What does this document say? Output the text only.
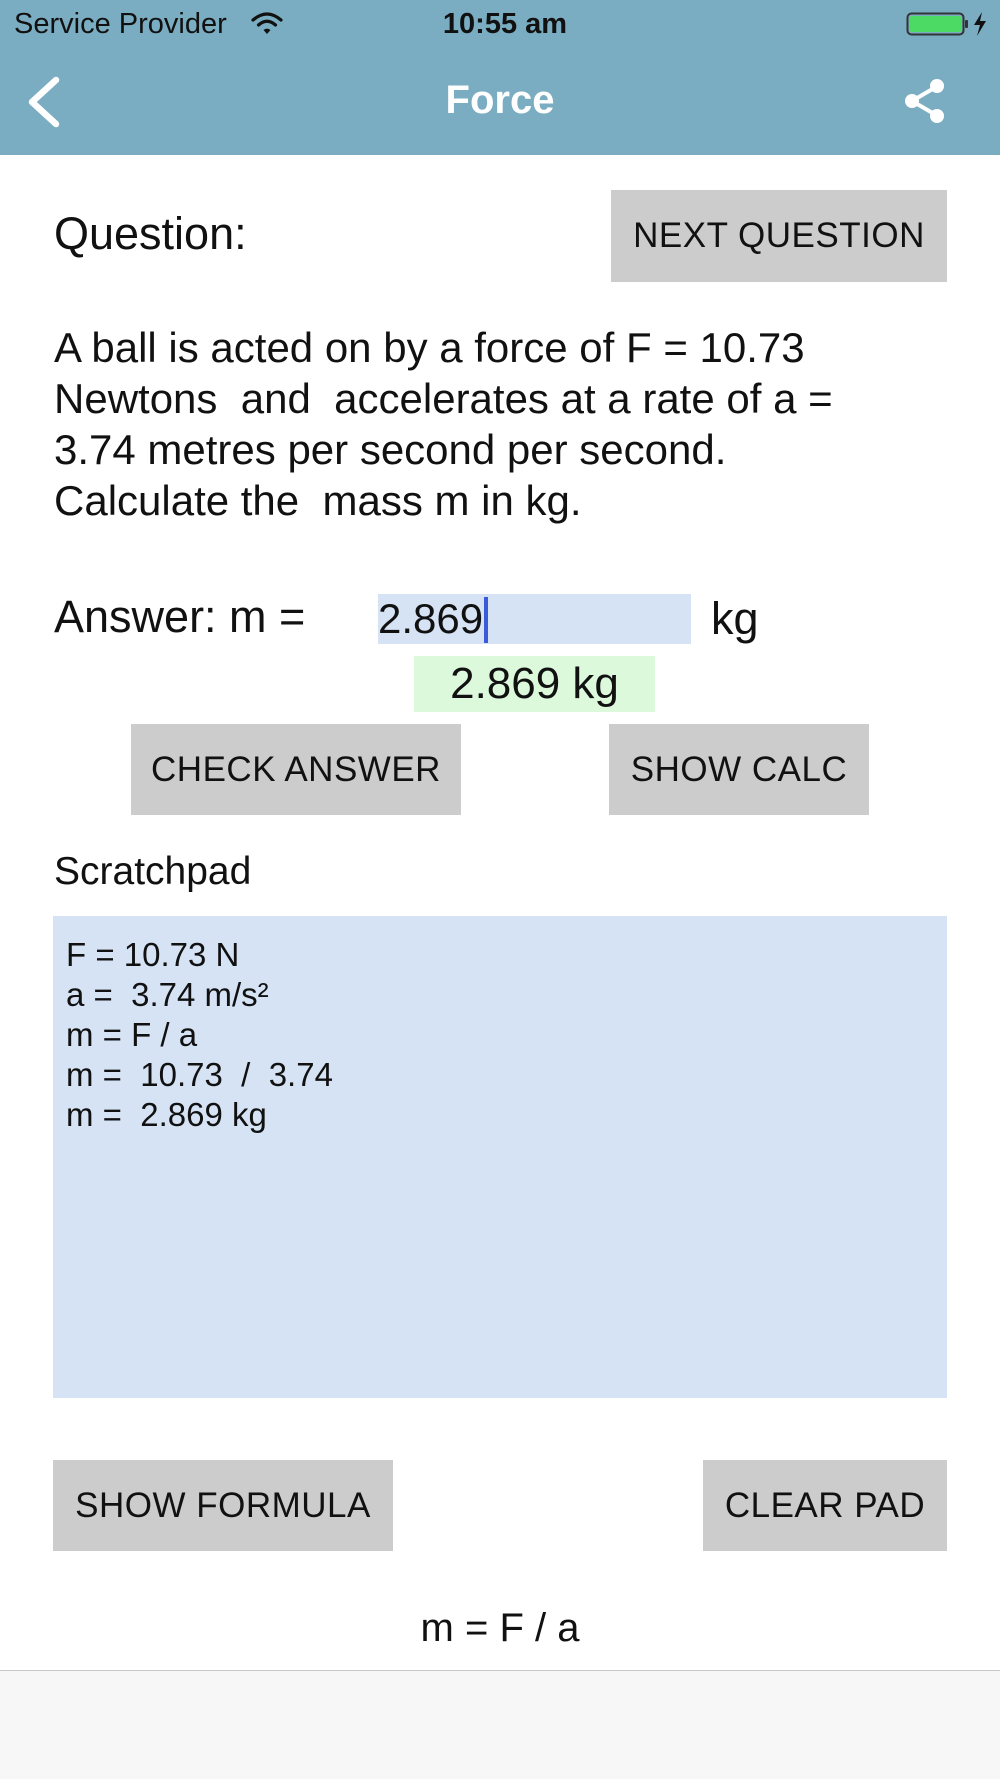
Service Provider	10:55 am
Force
Question:	NEXT QUESTION
A ball is acted on by a force of F = 10.73
Newtons  and  accelerates at a rate of a =
3.74 metres per second per second.
Calculate the  mass m in kg.
Answer: m =
2.869	kg
2.869 kg
CHECK ANSWER	SHOW CALC
Scratchpad
F = 10.73 N
a =  3.74 m/s²
m = F / a
m =  10.73  /  3.74
m =  2.869 kg
SHOW FORMULA	CLEAR PAD
m = F / a
